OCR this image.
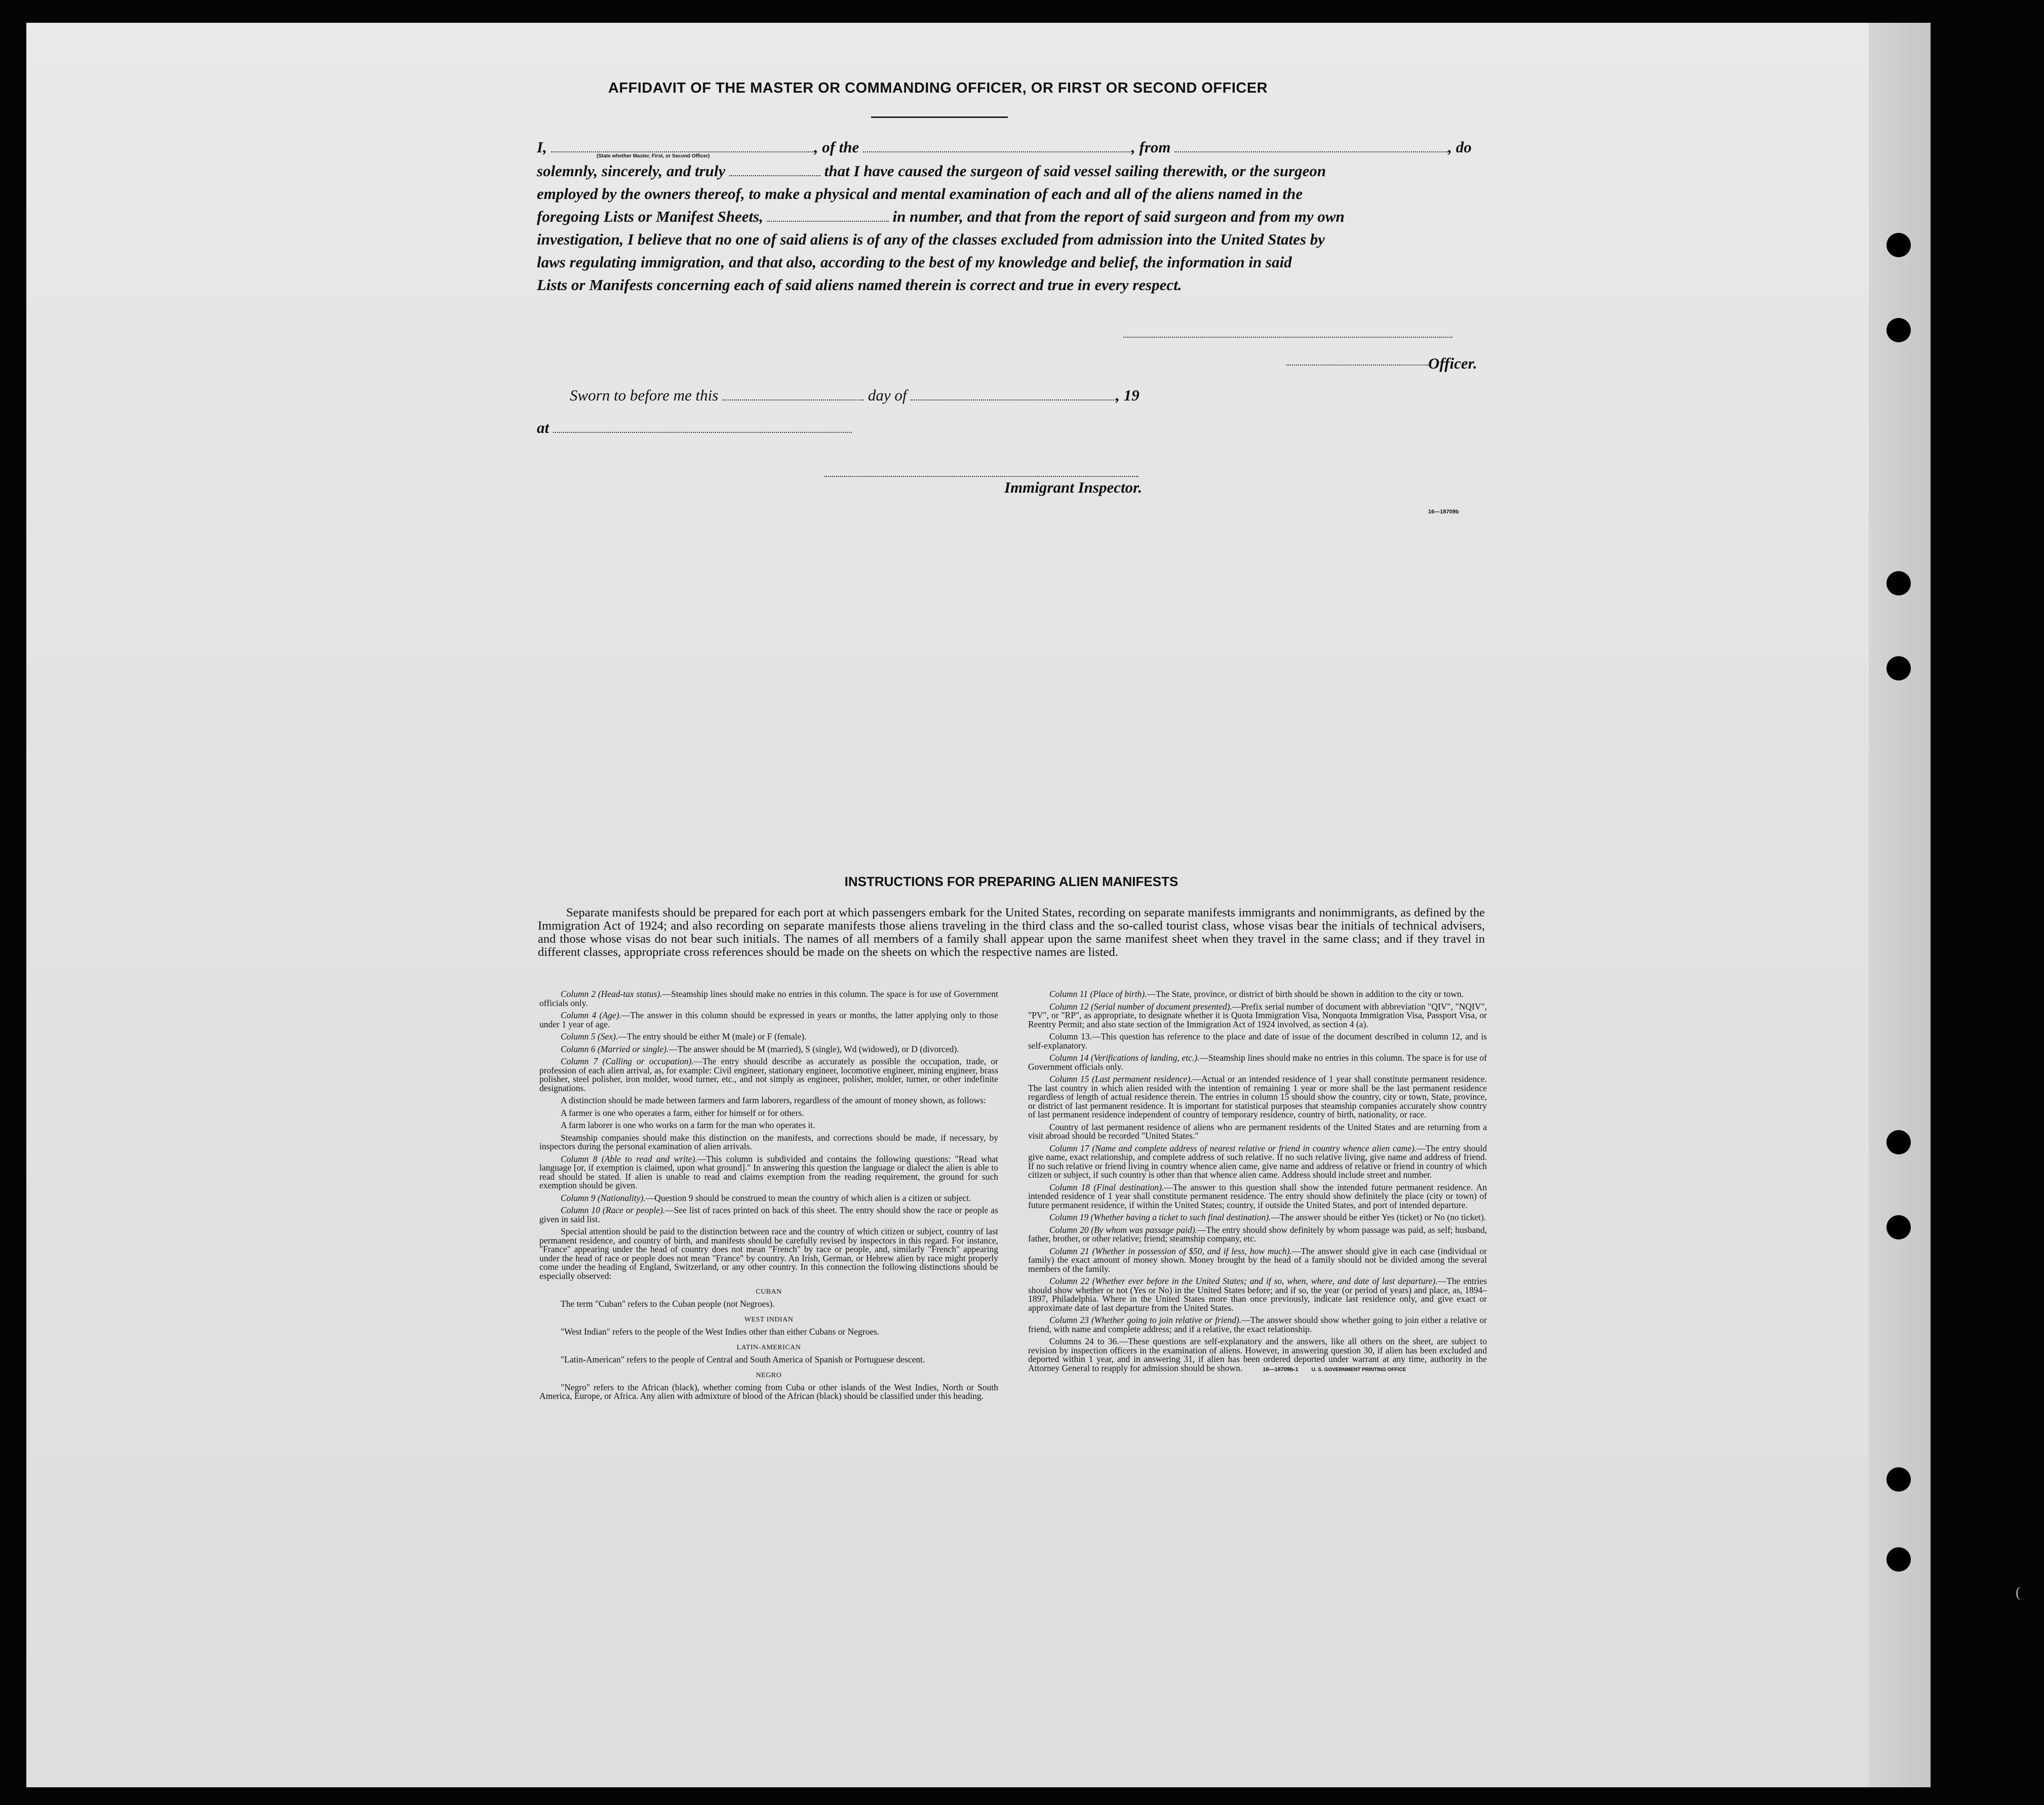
(
AFFIDAVIT OF THE MASTER OR COMMANDING OFFICER, OR FIRST OR SECOND OFFICER
I,	, of the	, from	, do
(State whether Master, First, or Second Officer)
solemnly, sincerely, and truly	that I have caused the surgeon of said vessel sailing therewith, or the surgeon
employed by the owners thereof, to make a physical and mental examination of each and all of the aliens named in the
foregoing Lists or Manifest Sheets,	in number, and that from the report of said surgeon and from my own
investigation, I believe that no one of said aliens is of any of the classes excluded from admission into the United States by
laws regulating immigration, and that also, according to the best of my knowledge and belief, the information in said
Lists or Manifests concerning each of said aliens named therein is correct and true in every respect.
Officer.
Sworn to before me this	day of	, 19
at
Immigrant Inspector.
16—18709b
INSTRUCTIONS FOR PREPARING ALIEN MANIFESTS
Separate manifests should be prepared for each port at which passengers embark for the United States, recording on separate manifests immigrants and nonimmigrants, as defined by the Immigration Act of 1924; and also recording on separate manifests those aliens traveling in the third class and the so-called tourist class, whose visas bear the initials of technical advisers, and those whose visas do not bear such initials. The names of all members of a family shall appear upon the same manifest sheet when they travel in the same class; and if they travel in different classes, appropriate cross references should be made on the sheets on which the respective names are listed.

Column 2 (Head-tax status).—Steamship lines should make no entries in this column. The space is for use of Government officials only.

Column 4 (Age).—The answer in this column should be expressed in years or months, the latter applying only to those under 1 year of age.

Column 5 (Sex).—The entry should be either M (male) or F (female).

Column 6 (Married or single).—The answer should be M (married), S (single), Wd (widowed), or D (divorced).

Column 7 (Calling or occupation).—The entry should describe as accurately as possible the occupation, trade, or profession of each alien arrival, as, for example: Civil engineer, stationary engineer, locomotive engineer, mining engineer, brass polisher, steel polisher, iron molder, wood turner, etc., and not simply as engineer, polisher, molder, turner, or other indefinite designations.

A distinction should be made between farmers and farm laborers, regardless of the amount of money shown, as follows:

A farmer is one who operates a farm, either for himself or for others.

A farm laborer is one who works on a farm for the man who operates it.

Steamship companies should make this distinction on the manifests, and corrections should be made, if necessary, by inspectors during the personal examination of alien arrivals.

Column 8 (Able to read and write).—This column is subdivided and contains the following questions: "Read what language [or, if exemption is claimed, upon what ground]." In answering this question the language or dialect the alien is able to read should be stated. If alien is unable to read and claims exemption from the reading requirement, the ground for such exemption should be given.

Column 9 (Nationality).—Question 9 should be construed to mean the country of which alien is a citizen or subject.

Column 10 (Race or people).—See list of races printed on back of this sheet. The entry should show the race or people as given in said list.

Special attention should be paid to the distinction between race and the country of which citizen or subject, country of last permanent residence, and country of birth, and manifests should be carefully revised by inspectors in this regard. For instance, "France" appearing under the head of country does not mean "French" by race or people, and, similarly "French" appearing under the head of race or people does not mean "France" by country. An Irish, German, or Hebrew alien by race might properly come under the heading of England, Switzerland, or any other country. In this connection the following distinctions should be especially observed:

CUBAN

The term "Cuban" refers to the Cuban people (not Negroes).

WEST INDIAN

"West Indian" refers to the people of the West Indies other than either Cubans or Negroes.

LATIN-AMERICAN

"Latin-American" refers to the people of Central and South America of Spanish or Portuguese descent.

NEGRO

"Negro" refers to the African (black), whether coming from Cuba or other islands of the West Indies, North or South America, Europe, or Africa. Any alien with admixture of blood of the African (black) should be classified under this heading.

Column 11 (Place of birth).—The State, province, or district of birth should be shown in addition to the city or town.

Column 12 (Serial number of document presented).—Prefix serial number of document with abbreviation "QIV", "NQIV", "PV", or "RP", as appropriate, to designate whether it is Quota Immigration Visa, Nonquota Immigration Visa, Passport Visa, or Reentry Permit; and also state section of the Immigration Act of 1924 involved, as section 4 (a).

Column 13.—This question has reference to the place and date of issue of the document described in column 12, and is self-explanatory.

Column 14 (Verifications of landing, etc.).—Steamship lines should make no entries in this column. The space is for use of Government officials only.

Column 15 (Last permanent residence).—Actual or an intended residence of 1 year shall constitute permanent residence. The last country in which alien resided with the intention of remaining 1 year or more shall be the last permanent residence regardless of length of actual residence therein. The entries in column 15 should show the country, city or town, State, province, or district of last permanent residence. It is important for statistical purposes that steamship companies accurately show country of last permanent residence independent of country of temporary residence, country of birth, nationality, or race.

Country of last permanent residence of aliens who are permanent residents of the United States and are returning from a visit abroad should be recorded "United States."

Column 17 (Name and complete address of nearest relative or friend in country whence alien came).—The entry should give name, exact relationship, and complete address of such relative. If no such relative living, give name and address of friend. If no such relative or friend living in country whence alien came, give name and address of relative or friend in country of which citizen or subject, if such country is other than that whence alien came. Address should include street and number.

Column 18 (Final destination).—The answer to this question shall show the intended future permanent residence. An intended residence of 1 year shall constitute permanent residence. The entry should show definitely the place (city or town) of future permanent residence, if within the United States; country, if outside the United States, and port of intended departure.

Column 19 (Whether having a ticket to such final destination).—The answer should be either Yes (ticket) or No (no ticket).

Column 20 (By whom was passage paid).—The entry should show definitely by whom passage was paid, as self; husband, father, brother, or other relative; friend; steamship company, etc.

Column 21 (Whether in possession of $50, and if less, how much).—The answer should give in each case (individual or family) the exact amount of money shown. Money brought by the head of a family should not be divided among the several members of the family.

Column 22 (Whether ever before in the United States; and if so, when, where, and date of last departure).—The entries should show whether or not (Yes or No) in the United States before; and if so, the year (or period of years) and place, as, 1894–1897, Philadelphia. Where in the United States more than once previously, indicate last residence only, and give exact or approximate date of last departure from the United States.

Column 23 (Whether going to join relative or friend).—The answer should show whether going to join either a relative or friend, with name and complete address; and if a relative, the exact relationship.

Columns 24 to 36.—These questions are self-explanatory and the answers, like all others on the sheet, are subject to revision by inspection officers in the examination of aliens. However, in answering question 30, if alien has been excluded and deported within 1 year, and in answering 31, if alien has been ordered deported under warrant at any time, authority in the Attorney General to reapply for admission should be shown.	16—18709b-1	U. S. GOVERNMENT PRINTING OFFICE
